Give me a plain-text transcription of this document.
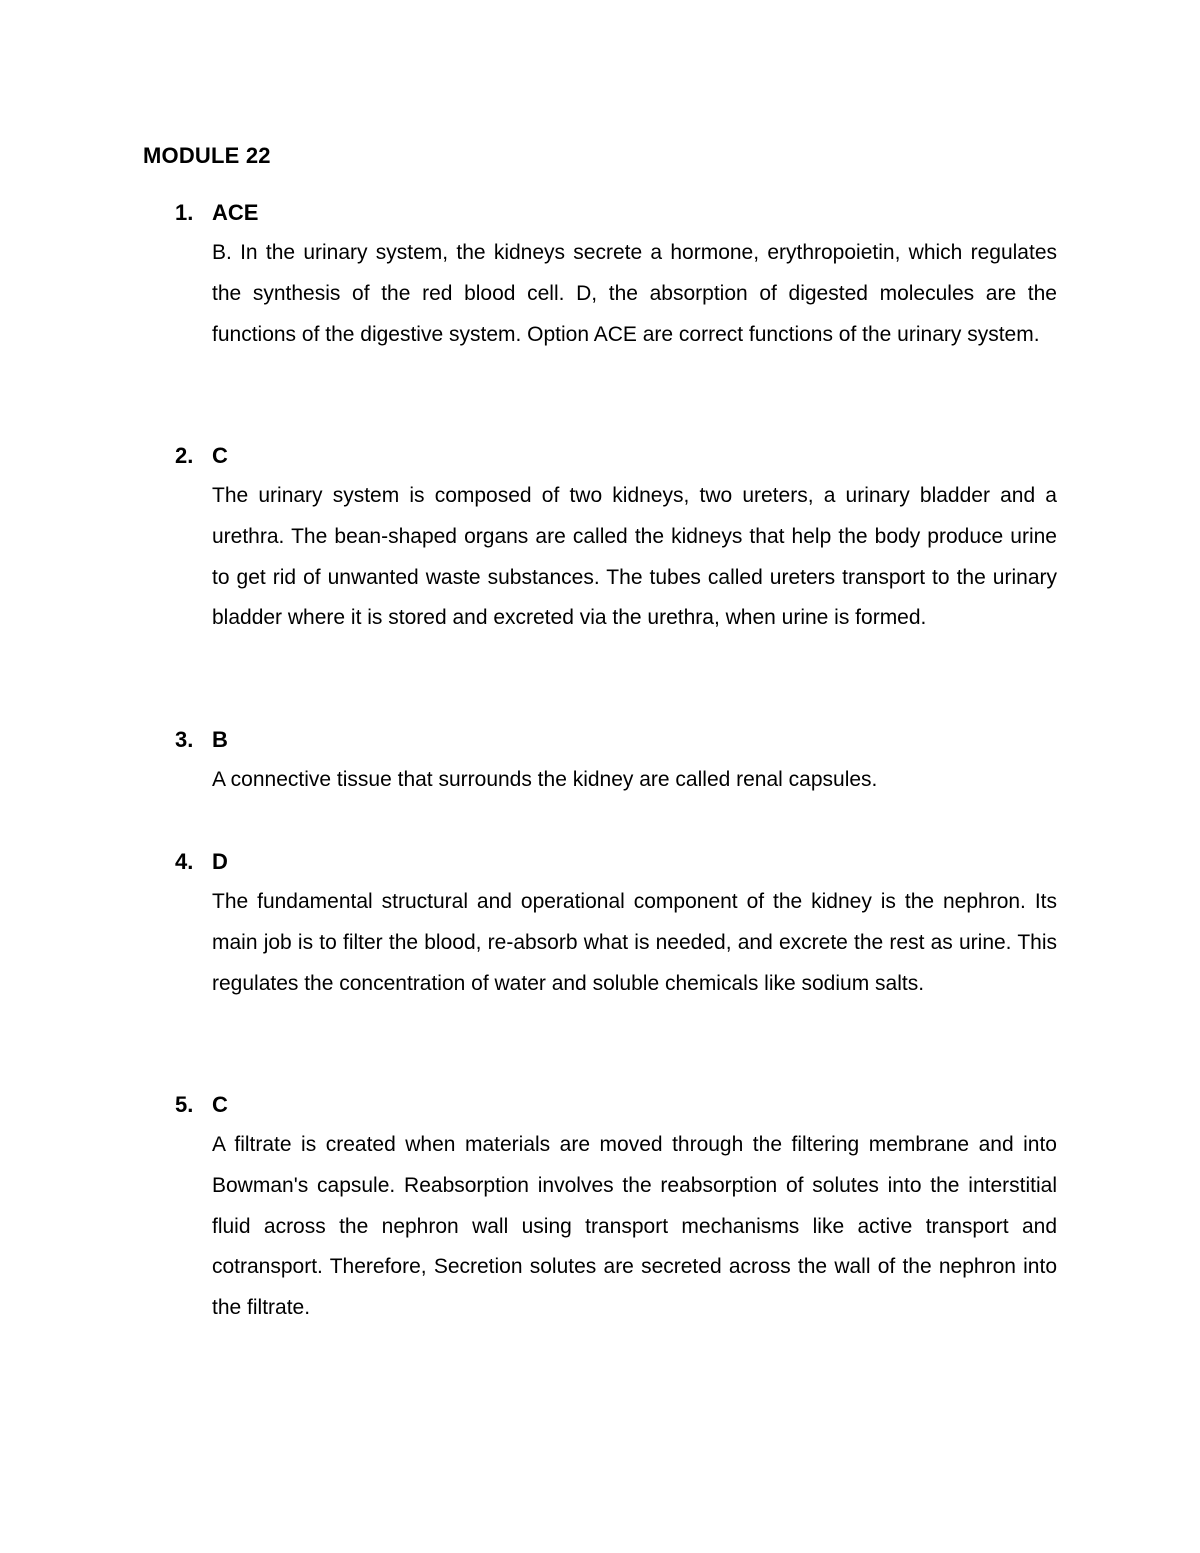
MODULE 22
1. ACE
B. In the urinary system, the kidneys secrete a hormone, erythropoietin, which regulates the synthesis of the red blood cell. D, the absorption of digested molecules are the functions of the digestive system. Option ACE are correct functions of the urinary system.
2. C
The urinary system is composed of two kidneys, two ureters, a urinary bladder and a urethra. The bean-shaped organs are called the kidneys that help the body produce urine to get rid of unwanted waste substances. The tubes called ureters transport to the urinary bladder where it is stored and excreted via the urethra, when urine is formed.
3. B
A connective tissue that surrounds the kidney are called renal capsules.
4. D
The fundamental structural and operational component of the kidney is the nephron. Its main job is to filter the blood, re-absorb what is needed, and excrete the rest as urine. This regulates the concentration of water and soluble chemicals like sodium salts.
5. C
A filtrate is created when materials are moved through the filtering membrane and into Bowman's capsule. Reabsorption involves the reabsorption of solutes into the interstitial fluid across the nephron wall using transport mechanisms like active transport and cotransport. Therefore, Secretion solutes are secreted across the wall of the nephron into the filtrate.
